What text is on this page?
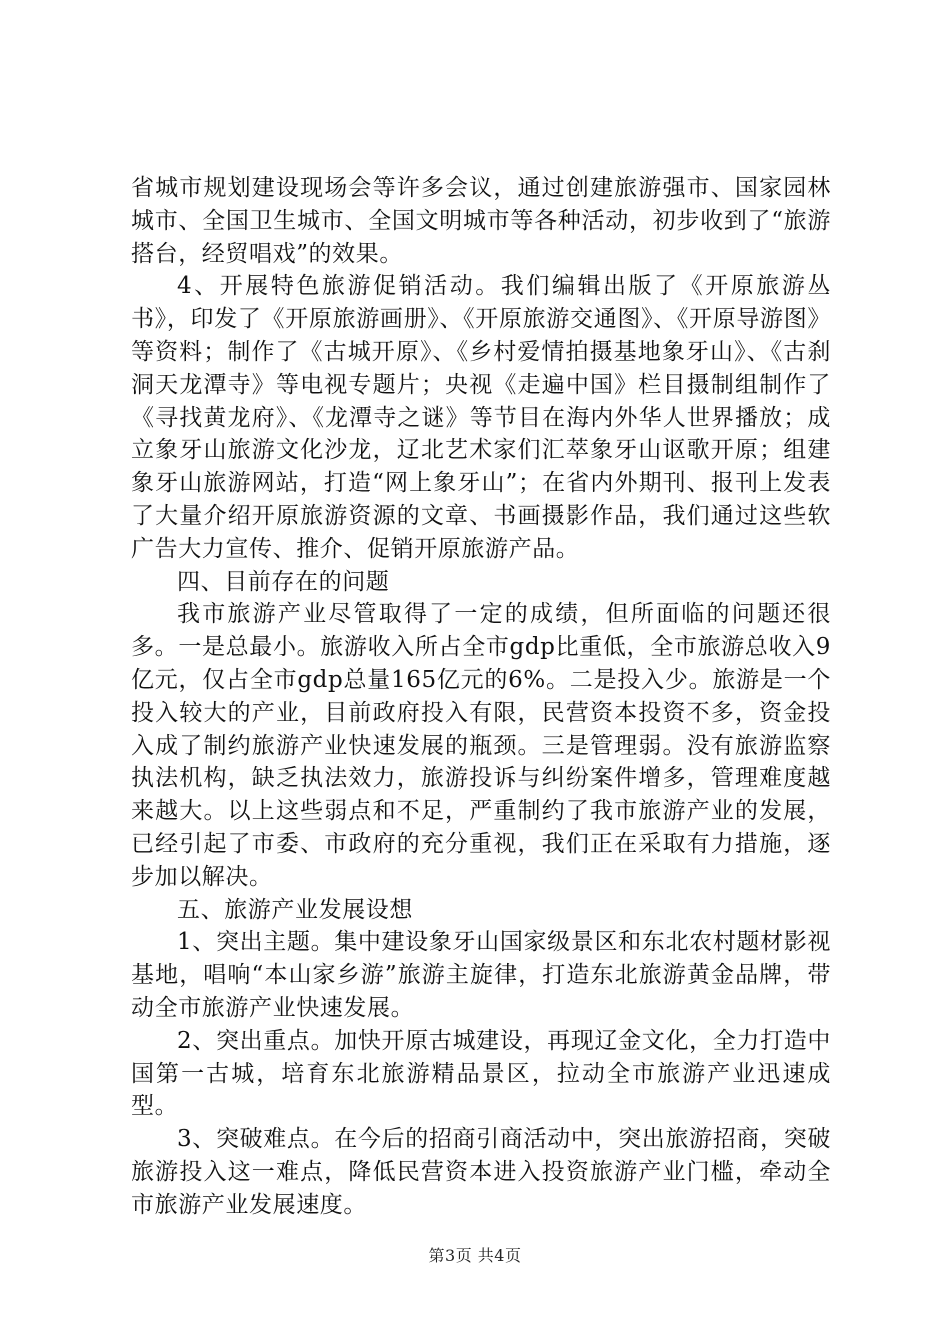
省城市规划建设现场会等许多会议，通过创建旅游强市、国家园林城市、全国卫生城市、全国文明城市等各种活动，初步收到了“旅游搭台，经贸唱戏”的效果。

4、开展特色旅游促销活动。我们编辑出版了《开原旅游丛书》，印发了《开原旅游画册》、《开原旅游交通图》、《开原导游图》等资料；制作了《古城开原》、《乡村爱情拍摄基地象牙山》、《古刹洞天龙潭寺》等电视专题片；央视《走遍中国》栏目摄制组制作了《寻找黄龙府》、《龙潭寺之谜》等节目在海内外华人世界播放；成立象牙山旅游文化沙龙，辽北艺术家们汇萃象牙山讴歌开原；组建象牙山旅游网站，打造“网上象牙山”；在省内外期刊、报刊上发表了大量介绍开原旅游资源的文章、书画摄影作品，我们通过这些软广告大力宣传、推介、促销开原旅游产品。

四、目前存在的问题

我市旅游产业尽管取得了一定的成绩，但所面临的问题还很多。一是总最小。旅游收入所占全市gdp比重低，全市旅游总收入9亿元，仅占全市gdp总量165亿元的6%。二是投入少。旅游是一个投入较大的产业，目前政府投入有限，民营资本投资不多，资金投入成了制约旅游产业快速发展的瓶颈。三是管理弱。没有旅游监察执法机构，缺乏执法效力，旅游投诉与纠纷案件增多，管理难度越来越大。以上这些弱点和不足，严重制约了我市旅游产业的发展，已经引起了市委、市政府的充分重视，我们正在采取有力措施，逐步加以解决。

五、旅游产业发展设想

1、突出主题。集中建设象牙山国家级景区和东北农村题材影视基地，唱响“本山家乡游”旅游主旋律，打造东北旅游黄金品牌，带动全市旅游产业快速发展。

2、突出重点。加快开原古城建设，再现辽金文化，全力打造中国第一古城，培育东北旅游精品景区，拉动全市旅游产业迅速成型。

3、突破难点。在今后的招商引商活动中，突出旅游招商，突破旅游投入这一难点，降低民营资本进入投资旅游产业门槛，牵动全市旅游产业发展速度。

第3页 共4页
